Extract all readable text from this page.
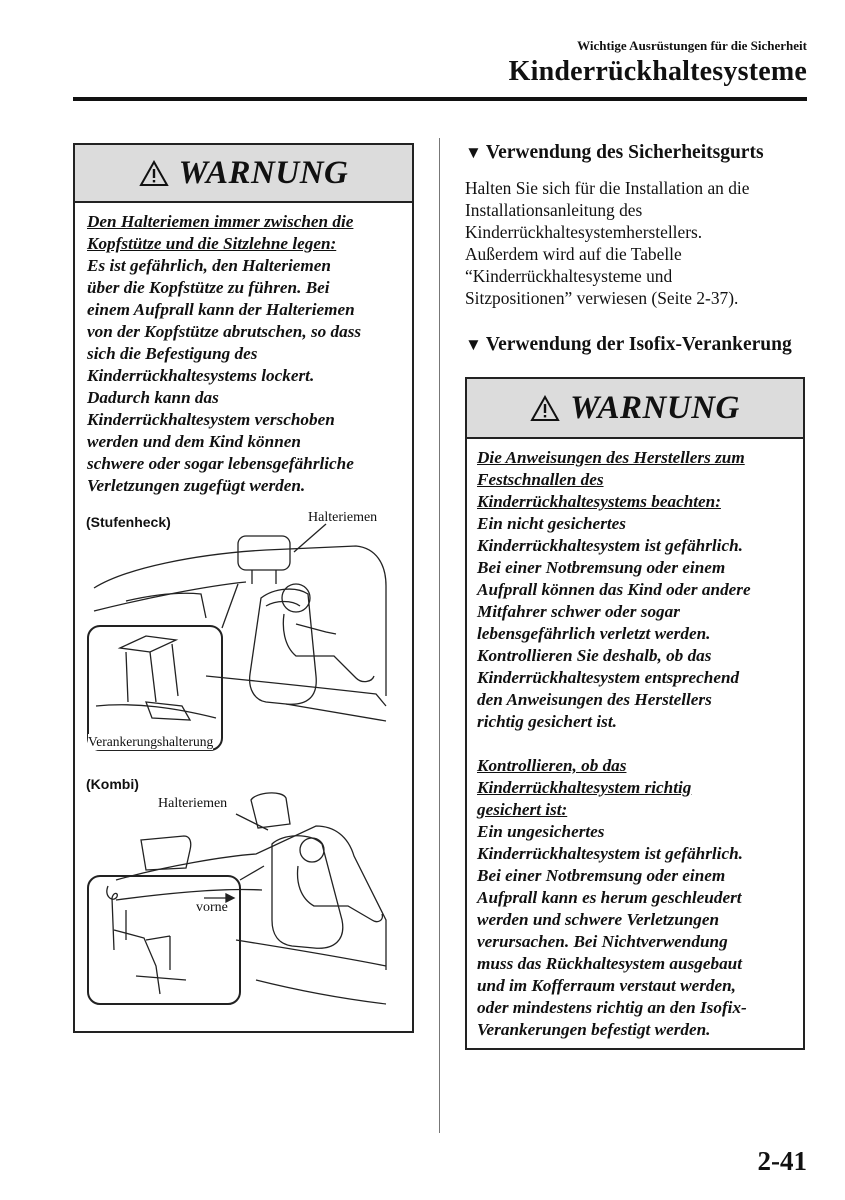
Wichtige Ausrüstungen für die Sicherheit
Kinderrückhaltesysteme
WARNUNG
Den Halteriemen immer zwischen die
Kopfstütze und die Sitzlehne legen:
Es ist gefährlich, den Halteriemen
über die Kopfstütze zu führen. Bei
einem Aufprall kann der Halteriemen
von der Kopfstütze abrutschen, so dass
sich die Befestigung des
Kinderrückhaltesystems lockert.
Dadurch kann das
Kinderrückhaltesystem verschoben
werden und dem Kind können
schwere oder sogar lebensgefährliche
Verletzungen zugefügt werden.
(Stufenheck)	Halteriemen
Verankerungshalterung
(Kombi)
Halteriemen
vorne
▼ Verwendung des Sicherheitsgurts
Halten Sie sich für die Installation an die
Installationsanleitung des
Kinderrückhaltesystemherstellers.
Außerdem wird auf die Tabelle
“Kinderrückhaltesysteme und
Sitzpositionen” verwiesen (Seite 2-37).
▼ Verwendung der Isofix-Verankerung
WARNUNG
Die Anweisungen des Herstellers zum
Festschnallen des
Kinderrückhaltesystems beachten:
Ein nicht gesichertes
Kinderrückhaltesystem ist gefährlich.
Bei einer Notbremsung oder einem
Aufprall können das Kind oder andere
Mitfahrer schwer oder sogar
lebensgefährlich verletzt werden.
Kontrollieren Sie deshalb, ob das
Kinderrückhaltesystem entsprechend
den Anweisungen des Herstellers
richtig gesichert ist.
Kontrollieren, ob das
Kinderrückhaltesystem richtig
gesichert ist:
Ein ungesichertes
Kinderrückhaltesystem ist gefährlich.
Bei einer Notbremsung oder einem
Aufprall kann es herum geschleudert
werden und schwere Verletzungen
verursachen. Bei Nichtverwendung
muss das Rückhaltesystem ausgebaut
und im Kofferraum verstaut werden,
oder mindestens richtig an den Isofix-
Verankerungen befestigt werden.
2-41
